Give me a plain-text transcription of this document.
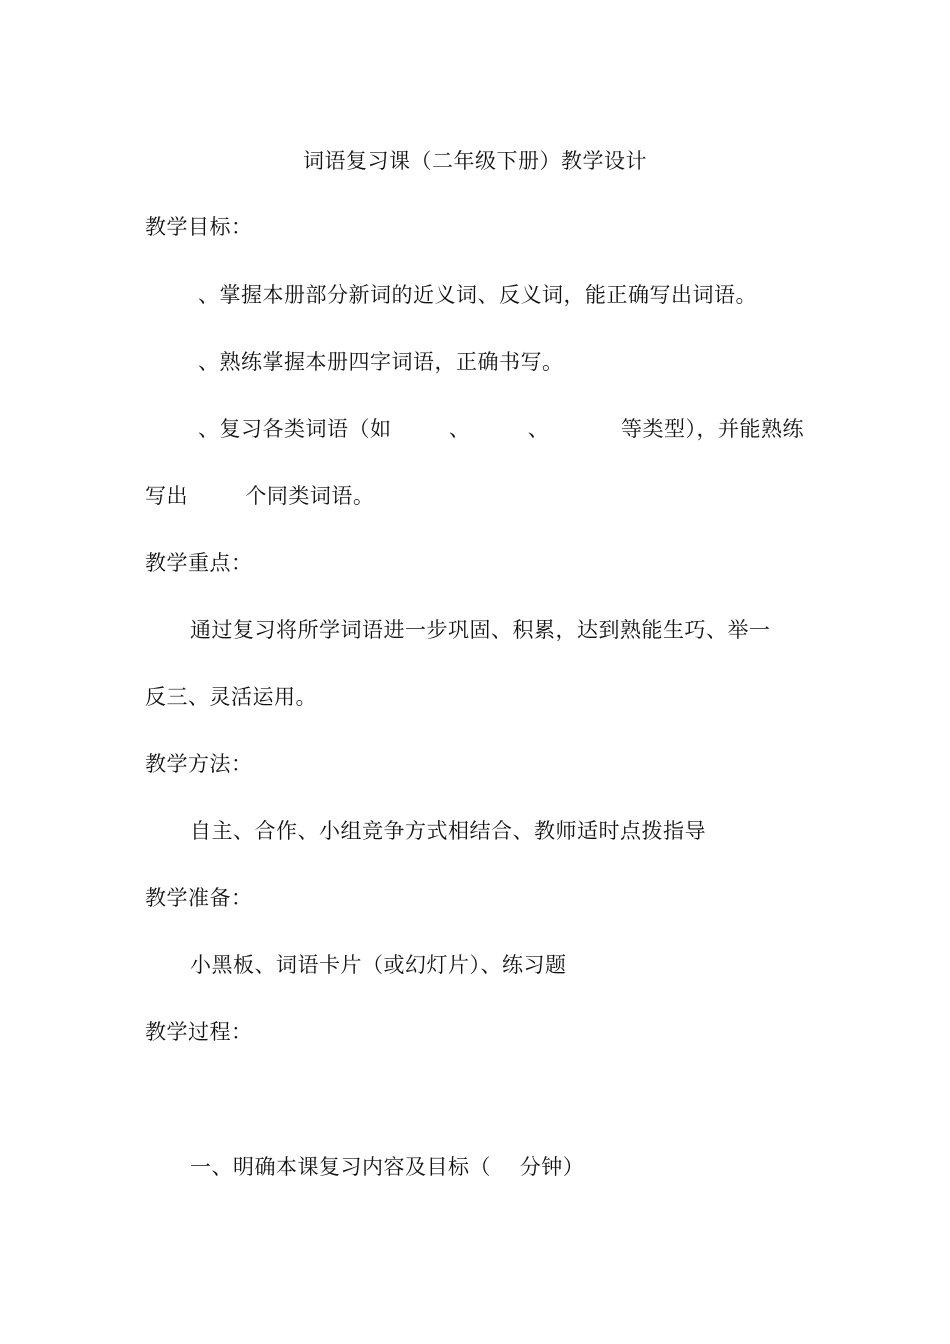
词语复习课（二年级下册）教学设计
教学目标：
、掌握本册部分新词的近义词、反义词，能正确写出词语。
、熟练掌握本册四字词语，正确书写。
、复习各类词语（如        、        、          等类型），并能熟练
写出        个同类词语。
教学重点：
通过复习将所学词语进一步巩固、积累，达到熟能生巧、举一
反三、灵活运用。
教学方法：
自主、合作、小组竞争方式相结合、教师适时点拨指导
教学准备：
小黑板、词语卡片（或幻灯片）、练习题
教学过程：
一、明确本课复习内容及目标（    分钟）
